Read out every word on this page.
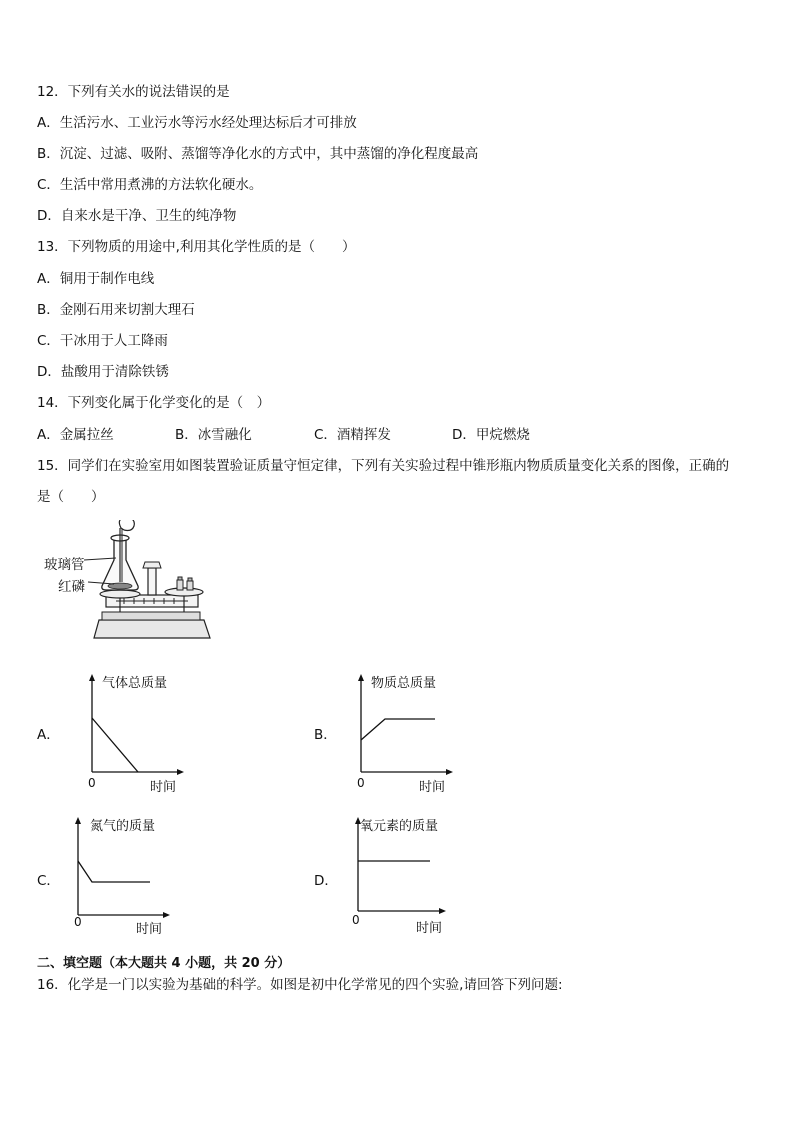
12．下列有关水的说法错误的是
A．生活污水、工业污水等污水经处理达标后才可排放
B．沉淀、过滤、吸附、蒸馏等净化水的方式中，其中蒸馏的净化程度最高
C．生活中常用煮沸的方法软化硬水。
D．自来水是干净、卫生的纯净物
13．下列物质的用途中,利用其化学性质的是（　　）
A．铜用于制作电线
B．金刚石用来切割大理石
C．干冰用于人工降雨
D．盐酸用于清除铁锈
14．下列变化属于化学变化的是（　）
A．金属拉丝	B．冰雪融化	C．酒精挥发	D．甲烷燃烧
15．同学们在实验室用如图装置验证质量守恒定律，下列有关实验过程中锥形瓶内物质质量变化关系的图像，正确的
是（　　）
玻璃管
红磷
A．
气体总质量
0	时间
B．
物质总质量
0	时间
C．
氮气的质量
0	时间
D．
氧元素的质量
0
时间
二、填空题（本大题共 4 小题，共 20 分）
16．化学是一门以实验为基础的科学。如图是初中化学常见的四个实验,请回答下列问题:
